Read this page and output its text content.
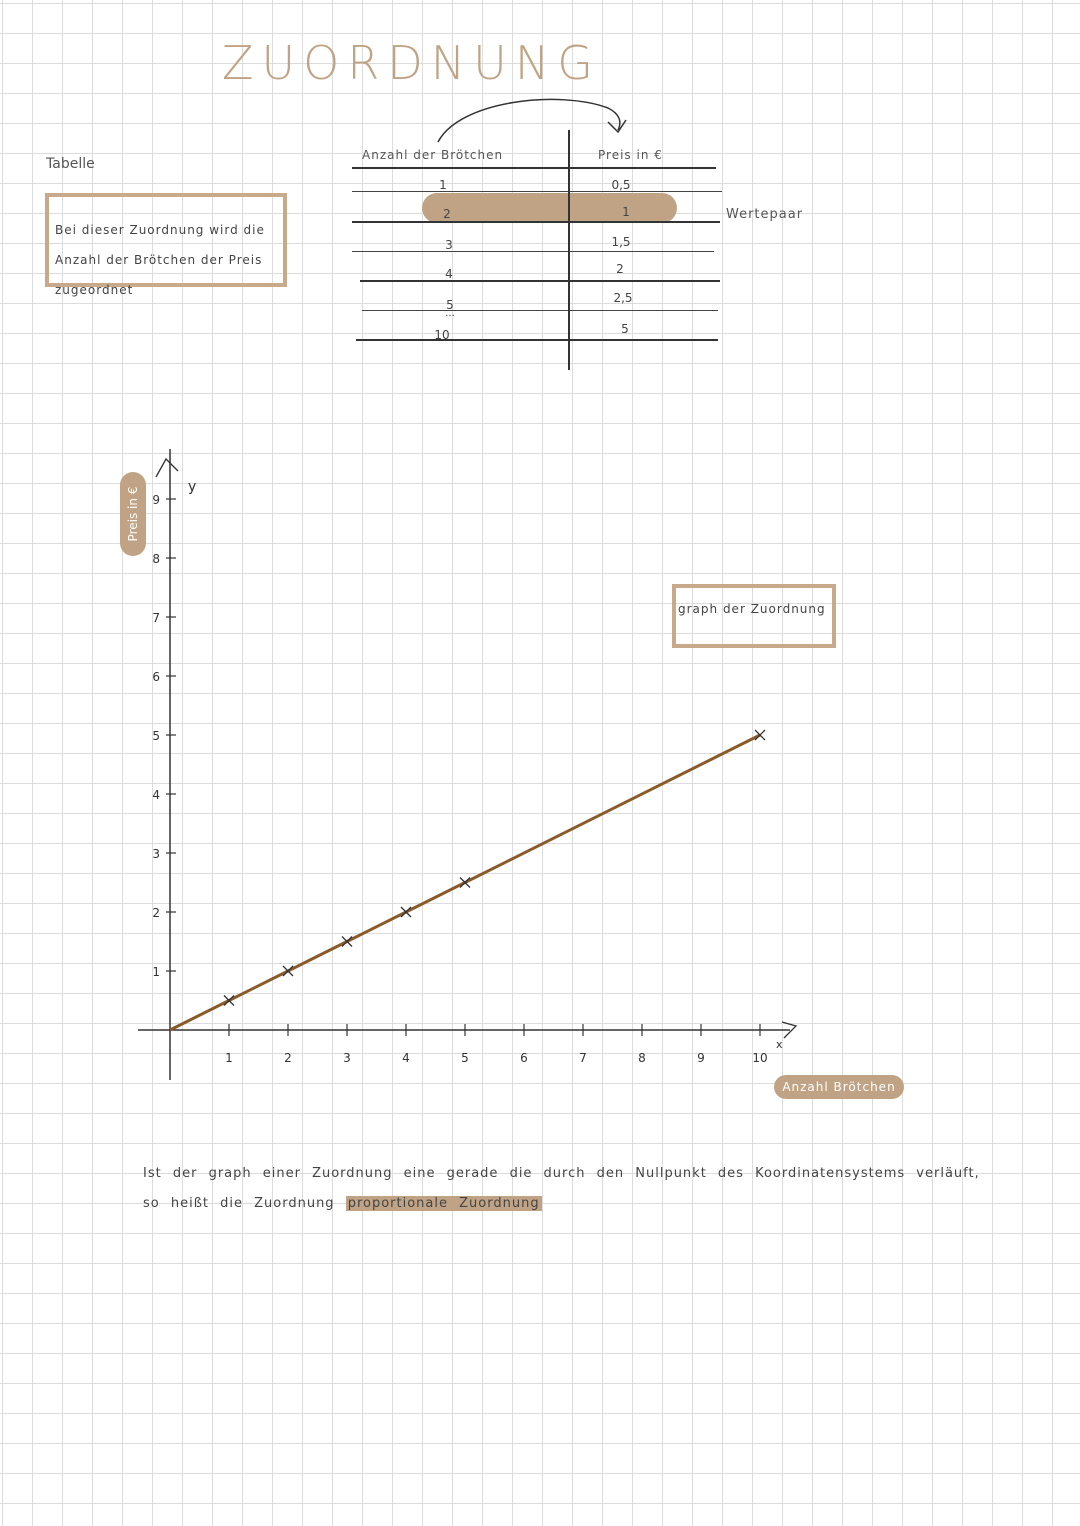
ZUORDNUNG
Tabelle
Bei dieser Zuordnung wird die
Anzahl der Brötchen der Preis
zugeordnet
Anzahl der Brötchen	Preis in €
1	0,5
2	1
3	1,5
4	2
5	2,5
...
10	5
Wertepaar
graph der Zuordnung
x
y
1	2	3	4	5	6	7	8	9	10
1
2
3
4
5
6
7
8
9
Preis in €
Anzahl Brötchen
Ist der graph einer Zuordnung eine gerade die durch den Nullpunkt des Koordinatensystems verläuft,
so heißt die Zuordnung proportionale Zuordnung
